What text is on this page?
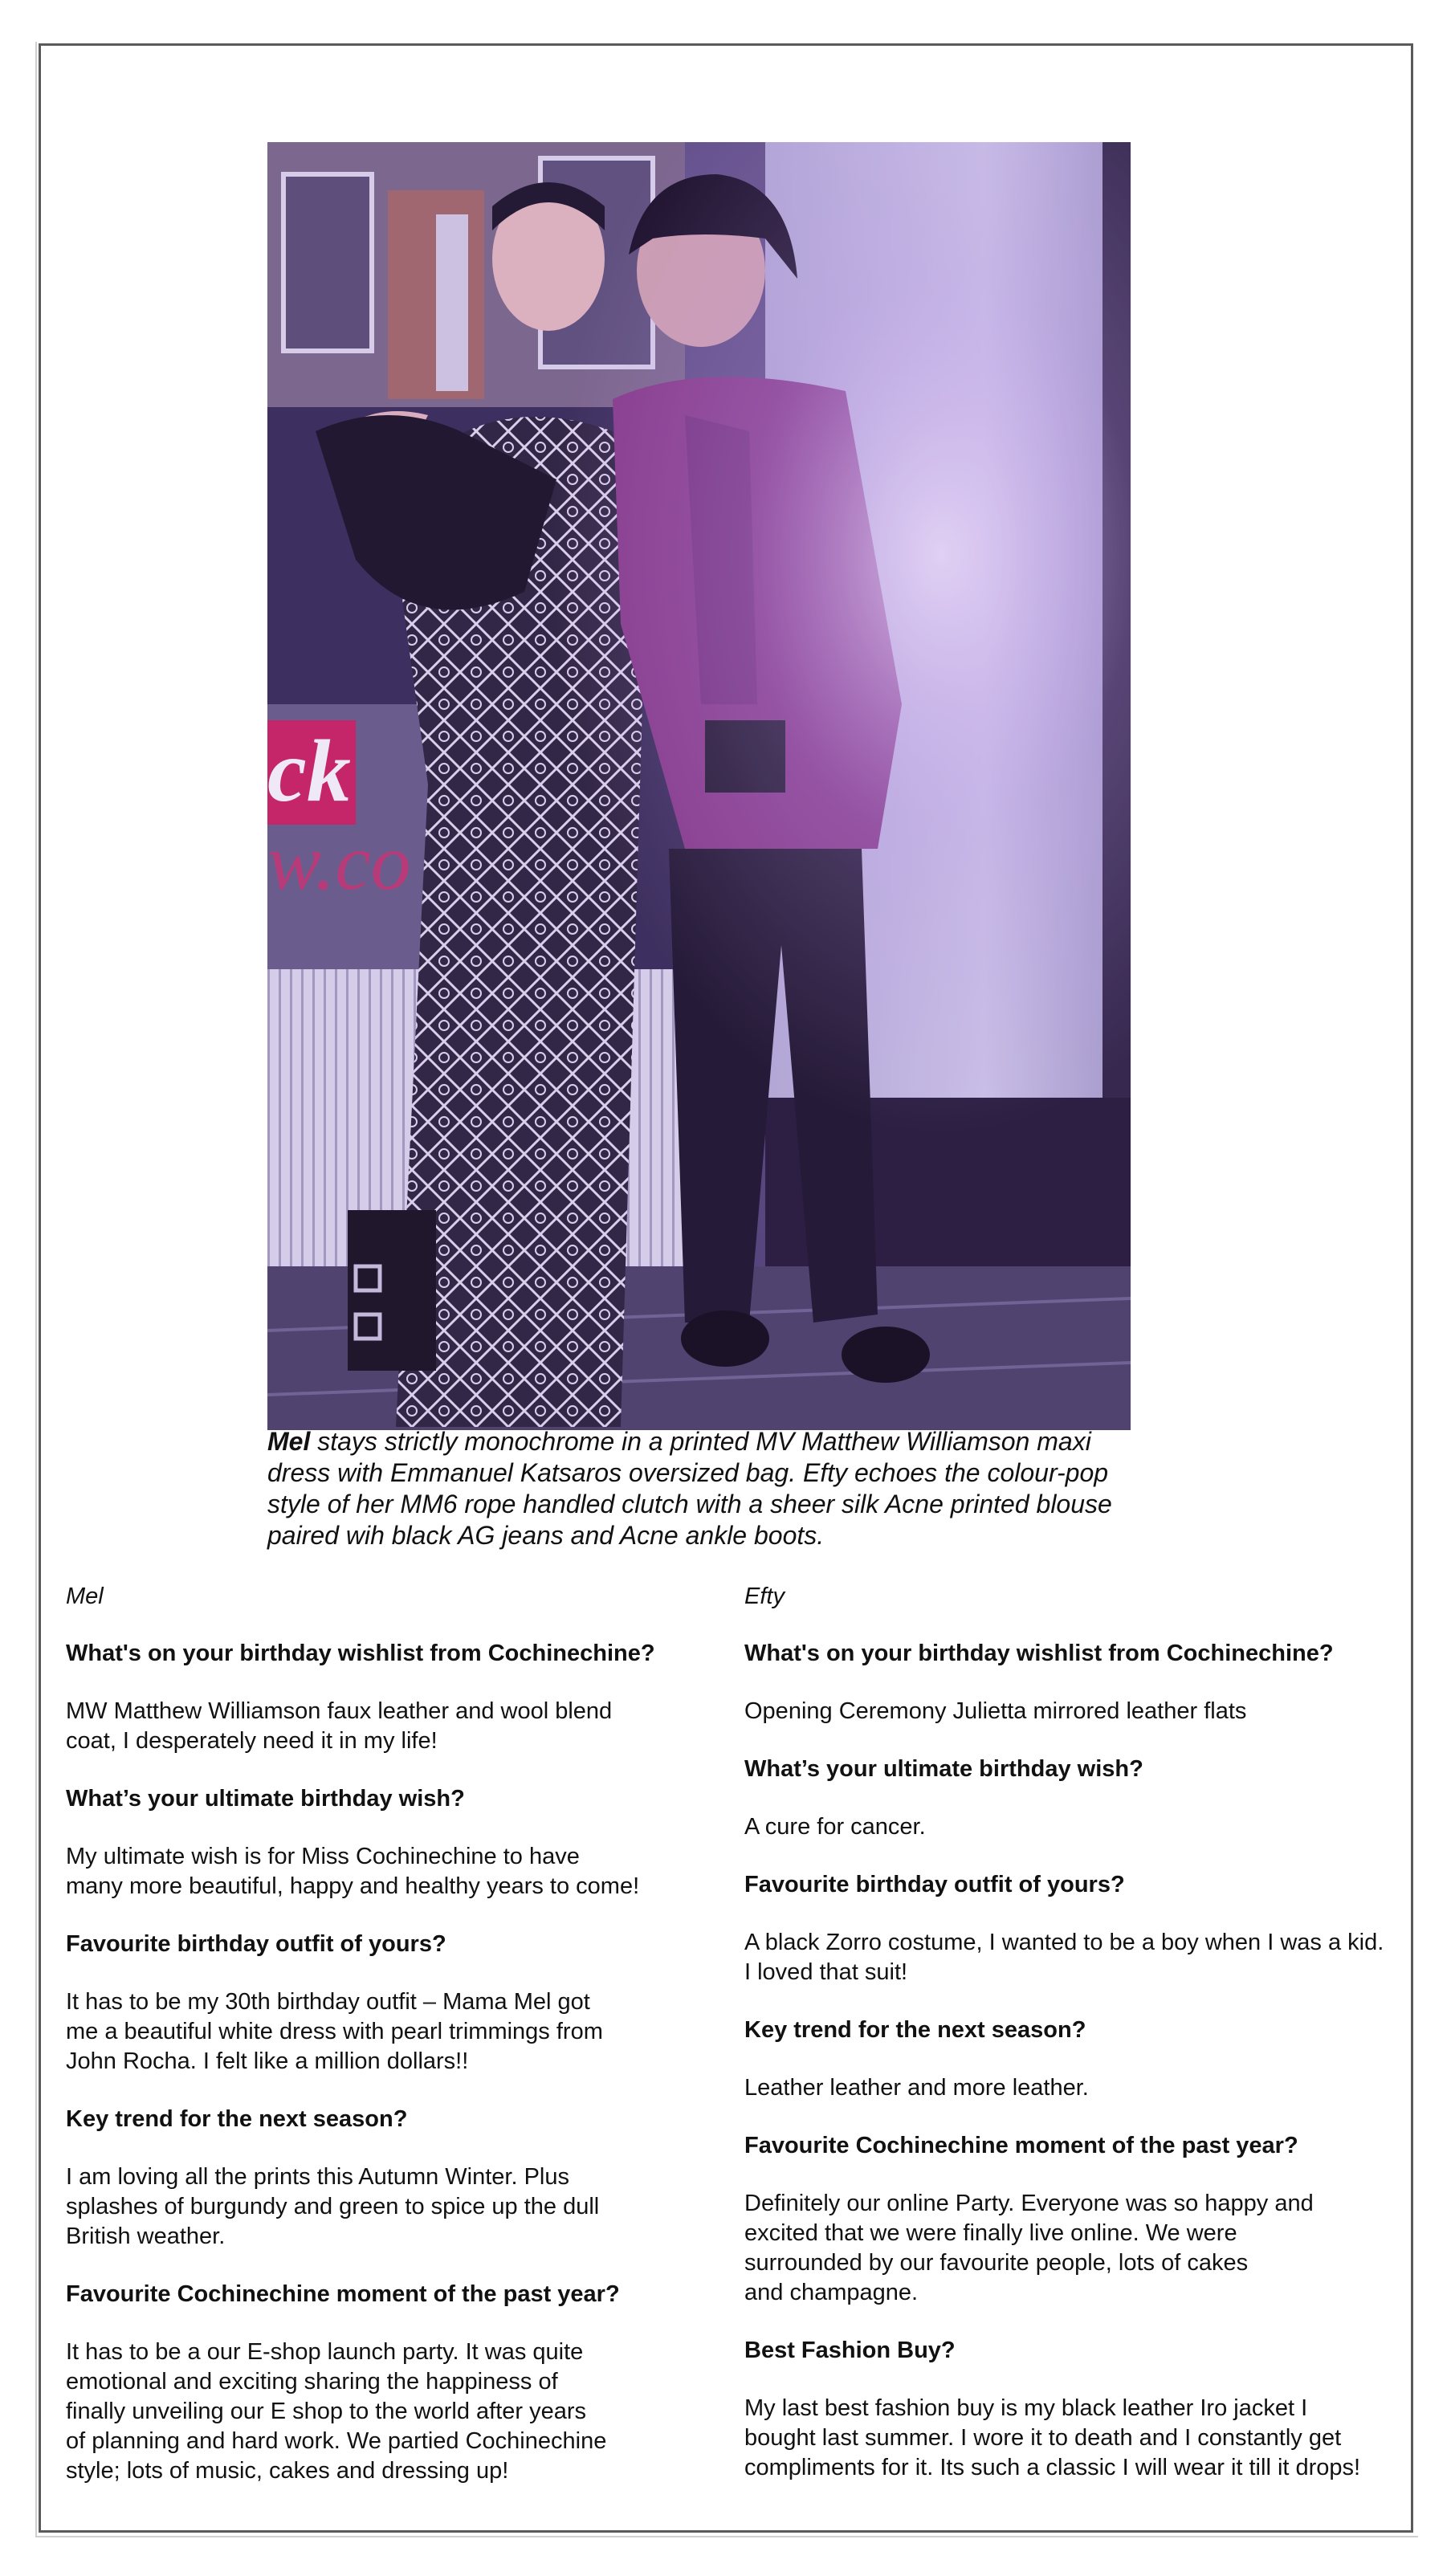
Mel stays strictly monochrome in a printed MV Matthew Williamson maxi dress with Emmanuel Katsaros oversized bag. Efty echoes the colour-pop style of her MM6 rope handled clutch with a sheer silk Acne printed blouse paired wih black AG jeans and Acne ankle boots.
Mel
What's on your birthday wishlist from Cochinechine?
MW Matthew Williamson faux leather and wool blend
coat, I desperately need it in my life!
What’s your ultimate birthday wish?
My ultimate wish is for Miss Cochinechine to have
many more beautiful, happy and healthy years to come!
Favourite birthday outfit of yours?
It has to be my 30th birthday outfit – Mama Mel got
me a beautiful white dress with pearl trimmings from
John Rocha. I felt like a million dollars!!
Key trend for the next season?
I am loving all the prints this Autumn Winter. Plus
splashes of burgundy and green to spice up the dull
British weather.
Favourite Cochinechine moment of the past year?
It has to be a our E-shop launch party. It was quite
emotional and exciting sharing the happiness of
finally unveiling our E shop to the world after years
of planning and hard work. We partied Cochinechine
style; lots of music, cakes and dressing up!
Efty
What's on your birthday wishlist from Cochinechine?
Opening Ceremony Julietta mirrored leather flats
What’s your ultimate birthday wish?
A cure for cancer.
Favourite birthday outfit of yours?
A black Zorro costume, I wanted to be a boy when I was a kid.
I loved that suit!
Key trend for the next season?
Leather leather and more leather.
Favourite Cochinechine moment of the past year?
Definitely our online Party. Everyone was so happy and
excited that we were finally live online. We were
surrounded by our favourite people, lots of cakes
and champagne.
Best Fashion Buy?
My last best fashion buy is my black leather Iro jacket I
bought last summer. I wore it to death and I constantly get
compliments for it. Its such a classic I will wear it till it drops!
